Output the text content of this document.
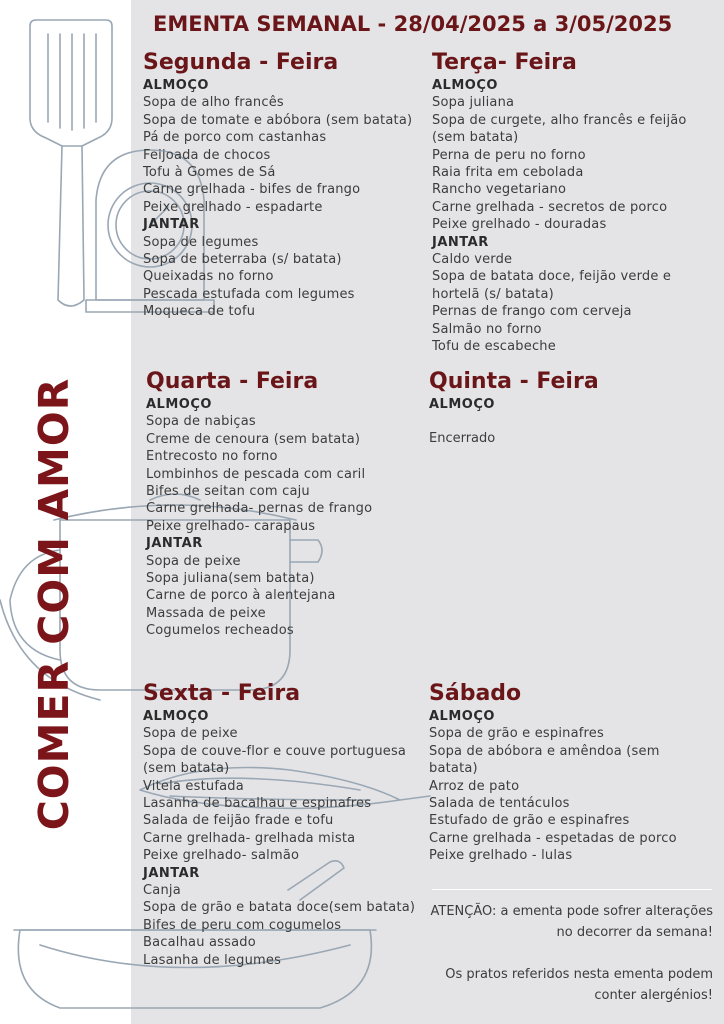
COMER COM AMOR
EMENTA SEMANAL - 28/04/2025 a 3/05/2025
Segunda - Feira
ALMOÇO
Sopa de alho francês
Sopa de tomate e abóbora (sem batata)
Pá de porco com castanhas
Feijoada de chocos
Tofu à Gomes de Sá
Carne grelhada - bifes de frango
Peixe grelhado - espadarte
JANTAR
Sopa de legumes
Sopa de beterraba (s/ batata)
Queixadas no forno
Pescada estufada com legumes
Moqueca de tofu
Terça- Feira
ALMOÇO
Sopa juliana
Sopa de curgete, alho francês e feijão (sem batata)
Perna de peru no forno
Raia frita em cebolada
Rancho vegetariano
Carne grelhada - secretos de porco
Peixe grelhado - douradas
JANTAR
Caldo verde
Sopa de batata doce, feijão verde e hortelã (s/ batata)
Pernas de frango com cerveja
Salmão no forno
Tofu de escabeche
Quarta - Feira
ALMOÇO
Sopa de nabiças
Creme de cenoura (sem batata)
Entrecosto no forno
Lombinhos de pescada com caril
Bifes de seitan com caju
Carne grelhada- pernas de frango
Peixe grelhado- carapaus
JANTAR
Sopa de peixe
Sopa juliana(sem batata)
Carne de porco à alentejana
Massada de peixe
Cogumelos recheados
Quinta - Feira
ALMOÇO
Encerrado
Sexta - Feira
ALMOÇO
Sopa de peixe
Sopa de couve-flor e couve portuguesa (sem batata)
Vitela estufada
Lasanha de bacalhau e espinafres
Salada de feijão frade e tofu
Carne grelhada- grelhada mista
Peixe grelhado- salmão
JANTAR
Canja
Sopa de grão e batata doce(sem batata)
Bifes de peru com cogumelos
Bacalhau assado
Lasanha de legumes
Sábado
ALMOÇO
Sopa de grão e espinafres
Sopa de abóbora e amêndoa (sem batata)
Arroz de pato
Salada de tentáculos
Estufado de grão e espinafres
Carne grelhada - espetadas de porco
Peixe grelhado - lulas

ATENÇÃO: a ementa pode sofrer alterações no decorrer da semana!

Os pratos referidos nesta ementa podem conter alergénios!
